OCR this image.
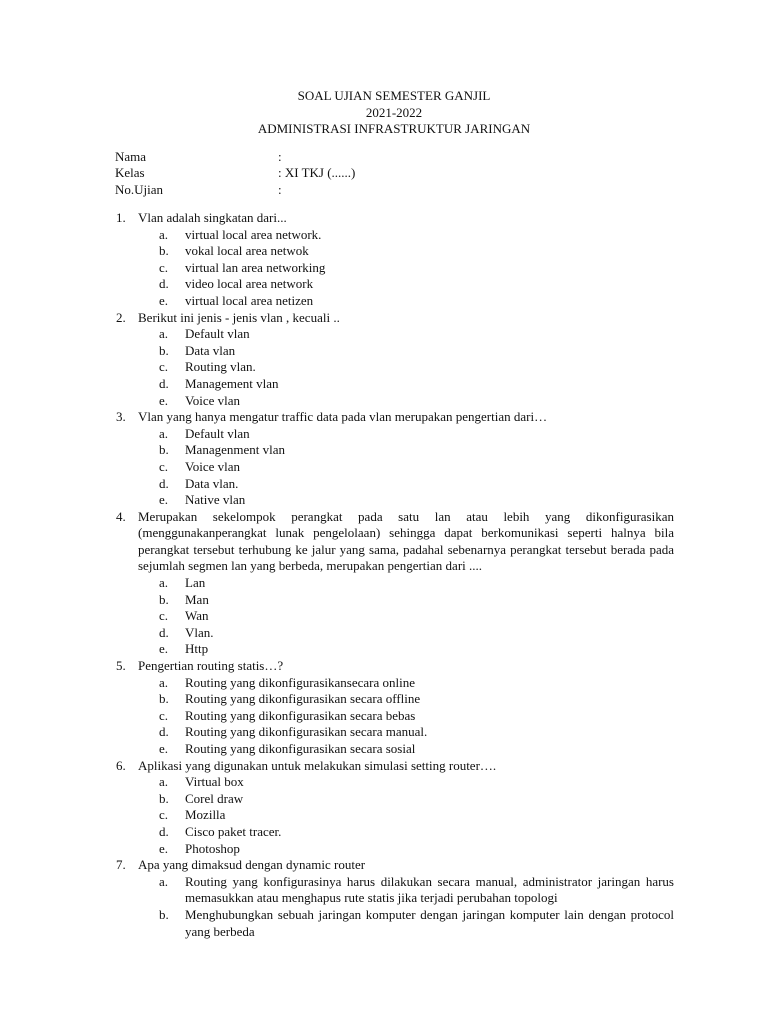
SOAL UJIAN SEMESTER GANJIL
2021-2022
ADMINISTRASI INFRASTRUKTUR JARINGAN
Nama	:
Kelas	: XI TKJ (......)
No.Ujian	:
1. Vlan adalah singkatan dari...
a.	virtual local area network.
b.	vokal local area netwok
c.	virtual lan area networking
d.	video local area network
e.	virtual local area netizen
2. Berikut ini jenis - jenis vlan , kecuali ..
a.	Default vlan
b.	Data vlan
c.	Routing vlan.
d.	Management vlan
e.	Voice vlan
3. Vlan yang hanya mengatur traffic data pada vlan merupakan pengertian dari…
a.	Default vlan
b.	Managenment vlan
c.	Voice vlan
d.	Data vlan.
e.	Native vlan
4. Merupakan sekelompok perangkat pada satu lan atau lebih yang dikonfigurasikan (menggunakanperangkat lunak pengelolaan) sehingga dapat berkomunikasi seperti halnya bila perangkat tersebut terhubung ke jalur yang sama, padahal sebenarnya perangkat tersebut berada pada sejumlah segmen lan yang berbeda, merupakan pengertian dari ....
a.	Lan
b.	Man
c.	Wan
d.	Vlan.
e.	Http
5. Pengertian routing statis…?
a.	Routing yang dikonfigurasikansecara online
b.	Routing yang dikonfigurasikan secara offline
c.	Routing yang dikonfigurasikan secara bebas
d.	Routing yang dikonfigurasikan secara manual.
e.	Routing yang dikonfigurasikan secara sosial
6. Aplikasi yang digunakan untuk melakukan simulasi setting router….
a.	Virtual box
b.	Corel draw
c.	Mozilla
d.	Cisco paket tracer.
e.	Photoshop
7. Apa yang dimaksud dengan dynamic router
a.	Routing yang konfigurasinya harus dilakukan secara manual, administrator jaringan harus memasukkan atau menghapus rute statis jika terjadi perubahan topologi
b.	Menghubungkan sebuah jaringan komputer dengan jaringan komputer lain dengan protocol yang berbeda
